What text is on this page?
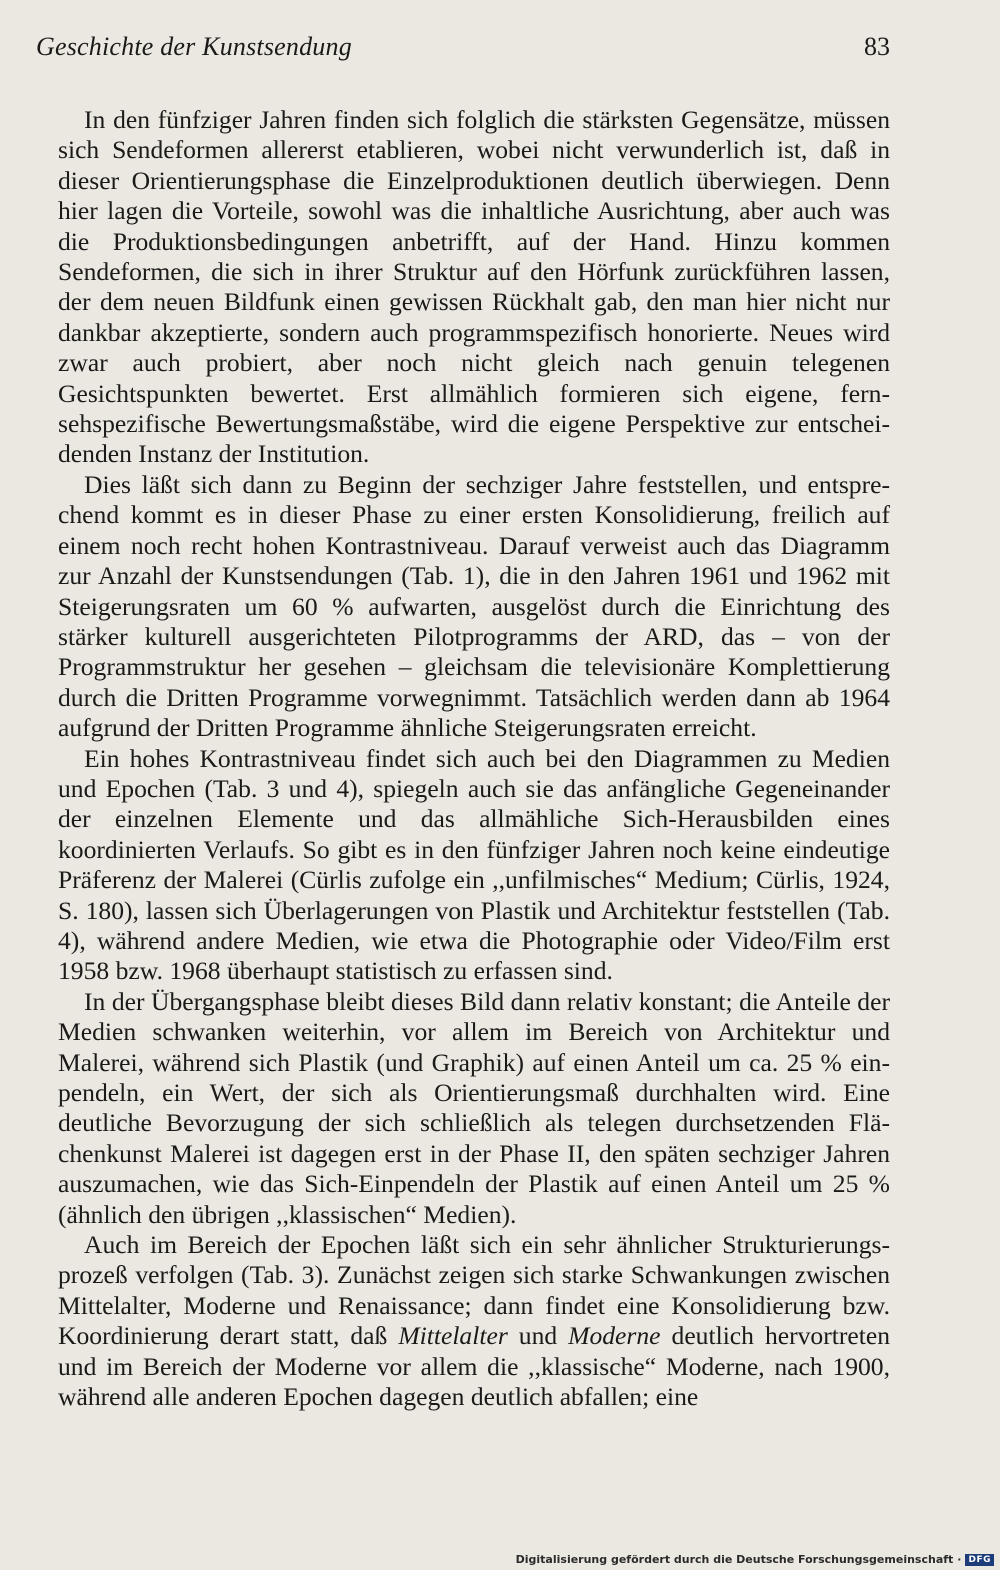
Geschichte der Kunstsendung	83

In den fünfziger Jahren finden sich folglich die stärksten Gegensätze, müssen sich Sendeformen allererst etablieren, wobei nicht verwunderlich ist, daß in dieser Orientierungsphase die Einzelproduktionen deutlich überwiegen. Denn hier lagen die Vorteile, sowohl was die inhaltliche Ausrichtung, aber auch was die Produktionsbedingungen anbetrifft, auf der Hand. Hinzu kommen Sendeformen, die sich in ihrer Struktur auf den Hörfunk zurückführen lassen, der dem neuen Bildfunk einen gewissen Rückhalt gab, den man hier nicht nur dankbar akzeptierte, sondern auch programmspezifisch honorierte. Neues wird zwar auch probiert, aber noch nicht gleich nach genuin telegenen Gesichtspunkten bewertet. Erst allmählich formieren sich eigene, fernsehspezifische Bewertungsmaßstäbe, wird die eigene Perspektive zur entscheidenden Instanz der Institution.

Dies läßt sich dann zu Beginn der sechziger Jahre feststellen, und entsprechend kommt es in dieser Phase zu einer ersten Konsolidierung, freilich auf einem noch recht hohen Kontrastniveau. Darauf verweist auch das Diagramm zur Anzahl der Kunstsendungen (Tab. 1), die in den Jahren 1961 und 1962 mit Steigerungsraten um 60 % aufwarten, ausgelöst durch die Einrichtung des stärker kulturell ausgerichteten Pilotprogramms der ARD, das – von der Programmstruktur her gesehen – gleichsam die televisionäre Komplettierung durch die Dritten Programme vorwegnimmt. Tatsächlich werden dann ab 1964 aufgrund der Dritten Programme ähnliche Steigerungsraten erreicht.

Ein hohes Kontrastniveau findet sich auch bei den Diagrammen zu Medien und Epochen (Tab. 3 und 4), spiegeln auch sie das anfängliche Gegeneinander der einzelnen Elemente und das allmähliche Sich-Herausbilden eines koordinierten Verlaufs. So gibt es in den fünfziger Jahren noch keine eindeutige Präferenz der Malerei (Cürlis zufolge ein ,,unfilmisches“ Medium; Cürlis, 1924, S. 180), lassen sich Überlagerungen von Plastik und Architektur feststellen (Tab. 4), während andere Medien, wie etwa die Photographie oder Video/Film erst 1958 bzw. 1968 überhaupt statistisch zu erfassen sind.

In der Übergangsphase bleibt dieses Bild dann relativ konstant; die Anteile der Medien schwanken weiterhin, vor allem im Bereich von Architektur und Malerei, während sich Plastik (und Graphik) auf einen Anteil um ca. 25 % einpendeln, ein Wert, der sich als Orientierungsmaß durchhalten wird. Eine deutliche Bevorzugung der sich schließlich als telegen durchsetzenden Flächenkunst Malerei ist dagegen erst in der Phase II, den späten sechziger Jahren auszumachen, wie das Sich-Einpendeln der Plastik auf einen Anteil um 25 % (ähnlich den übrigen ,,klassischen“ Medien).

Auch im Bereich der Epochen läßt sich ein sehr ähnlicher Strukturierungsprozeß verfolgen (Tab. 3). Zunächst zeigen sich starke Schwankungen zwischen Mittelalter, Moderne und Renaissance; dann findet eine Konsolidierung bzw. Koordinierung derart statt, daß Mittelalter und Moderne deutlich hervortreten und im Bereich der Moderne vor allem die ,,klassische“ Moderne, nach 1900, während alle anderen Epochen dagegen deutlich abfallen; eine

Digitalisierung gefördert durch die Deutsche Forschungsgemeinschaft · DFG
